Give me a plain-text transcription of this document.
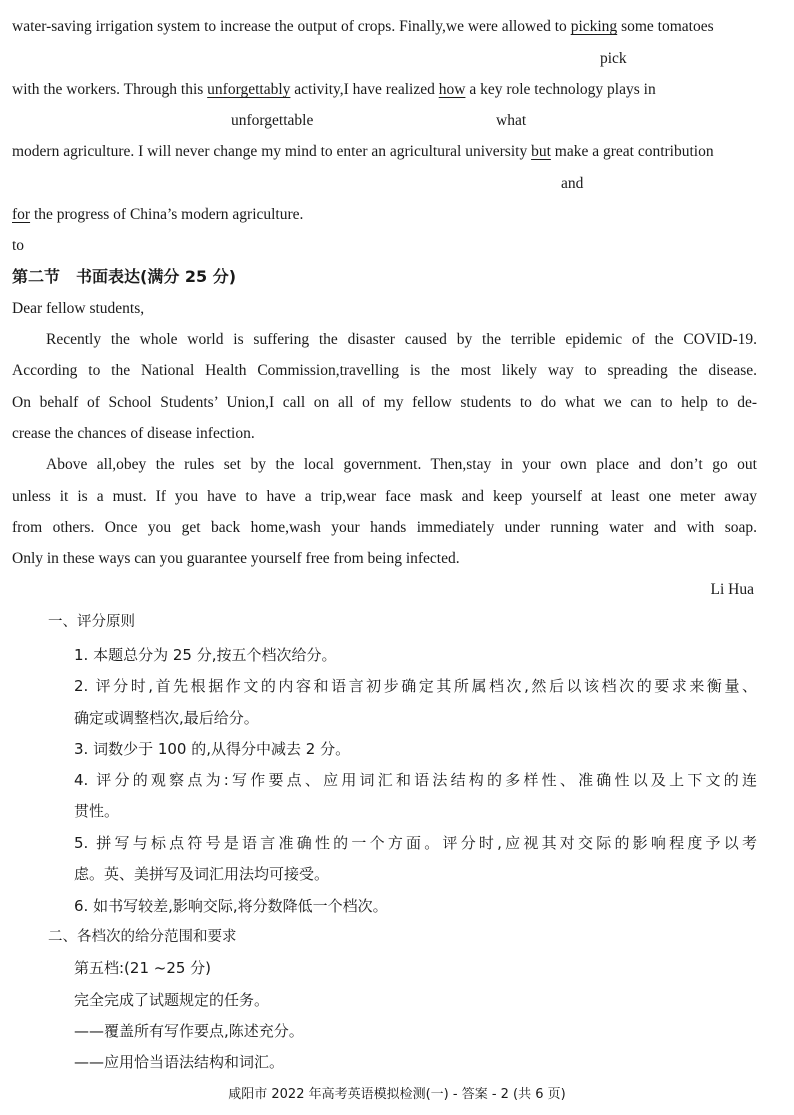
water-saving irrigation system to increase the output of crops. Finally,we were allowed to picking some tomatoes
pick
with the workers. Through this unforgettably activity,I have realized how a key role technology plays in
unforgettable	what
modern agriculture. I will never change my mind to enter an agricultural university but make a great contribution
and
for the progress of China’s modern agriculture.
to
第二节　书面表达(满分 25 分)
Dear fellow students,
Recently the whole world is suffering the disaster caused by the terrible epidemic of the COVID-19.
According to the National Health Commission,travelling is the most likely way to spreading the disease.
On behalf of School Students’ Union,I call on all of my fellow students to do what we can to help to de-
crease the chances of disease infection.
Above all,obey the rules set by the local government. Then,stay in your own place and don’t go out
unless it is a must. If you have to have a trip,wear face mask and keep yourself at least one meter away
from others. Once you get back home,wash your hands immediately under running water and with soap.
Only in these ways can you guarantee yourself free from being infected.
Li Hua
一、评分原则
1. 本题总分为 25 分,按五个档次给分。
2. 评分时,首先根据作文的内容和语言初步确定其所属档次,然后以该档次的要求来衡量、
确定或调整档次,最后给分。
3. 词数少于 100 的,从得分中减去 2 分。
4. 评分的观察点为:写作要点、应用词汇和语法结构的多样性、准确性以及上下文的连
贯性。
5. 拼写与标点符号是语言准确性的一个方面。评分时,应视其对交际的影响程度予以考
虑。英、美拼写及词汇用法均可接受。
6. 如书写较差,影响交际,将分数降低一个档次。
二、各档次的给分范围和要求
第五档:(21 ~25 分)
完全完成了试题规定的任务。
——覆盖所有写作要点,陈述充分。
——应用恰当语法结构和词汇。
咸阳市 2022 年高考英语模拟检测(一) - 答案 - 2 (共 6 页)
